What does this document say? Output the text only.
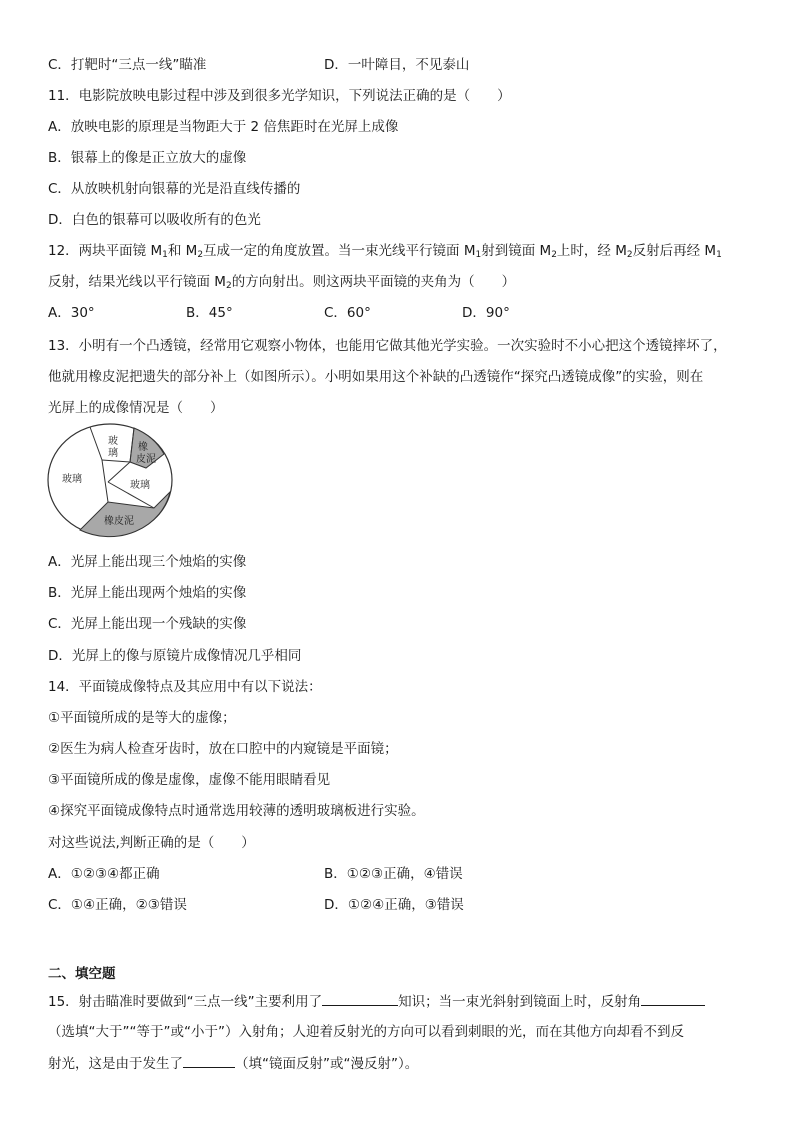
C．打靶时“三点一线”瞄准	D．一叶障目，不见泰山
11．电影院放映电影过程中涉及到很多光学知识，下列说法正确的是（　　）
A．放映电影的原理是当物距大于 2 倍焦距时在光屏上成像
B．银幕上的像是正立放大的虚像
C．从放映机射向银幕的光是沿直线传播的
D．白色的银幕可以吸收所有的色光
12．两块平面镜 $M_1$和 $M_2$互成一定的角度放置。当一束光线平行镜面 $M_1$射到镜面 $M_2$上时，经 $M_2$反射后再经 $M_1$
反射，结果光线以平行镜面 $M_2$的方向射出。则这两块平面镜的夹角为（　　）
A．30°	B．45°	C．60°	D．90°
13．小明有一个凸透镜，经常用它观察小物体，也能用它做其他光学实验。一次实验时不小心把这个透镜摔坏了，
他就用橡皮泥把遗失的部分补上（如图所示）。小明如果用这个补缺的凸透镜作“探究凸透镜成像”的实验，则在
光屏上的成像情况是（　　）
玻
璃
橡
皮泥
玻璃
玻璃
橡皮泥
A．光屏上能出现三个烛焰的实像
B．光屏上能出现两个烛焰的实像
C．光屏上能出现一个残缺的实像
D．光屏上的像与原镜片成像情况几乎相同
14．平面镜成像特点及其应用中有以下说法：
①平面镜所成的是等大的虚像；
②医生为病人检查牙齿时，放在口腔中的内窥镜是平面镜；
③平面镜所成的像是虚像，虚像不能用眼睛看见
④探究平面镜成像特点时通常选用较薄的透明玻璃板进行实验。
对这些说法,判断正确的是（　　）
A．①②③④都正确	B．①②③正确，④错误
C．①④正确，②③错误	D．①②④正确，③错误
二、填空题
15．射击瞄准时要做到“三点一线”主要利用了	知识；当一束光斜射到镜面上时，反射角
（选填“大于”“等于”或“小于”）入射角；人迎着反射光的方向可以看到刺眼的光，而在其他方向却看不到反
射光，这是由于发生了	（填“镜面反射”或“漫反射”）。
